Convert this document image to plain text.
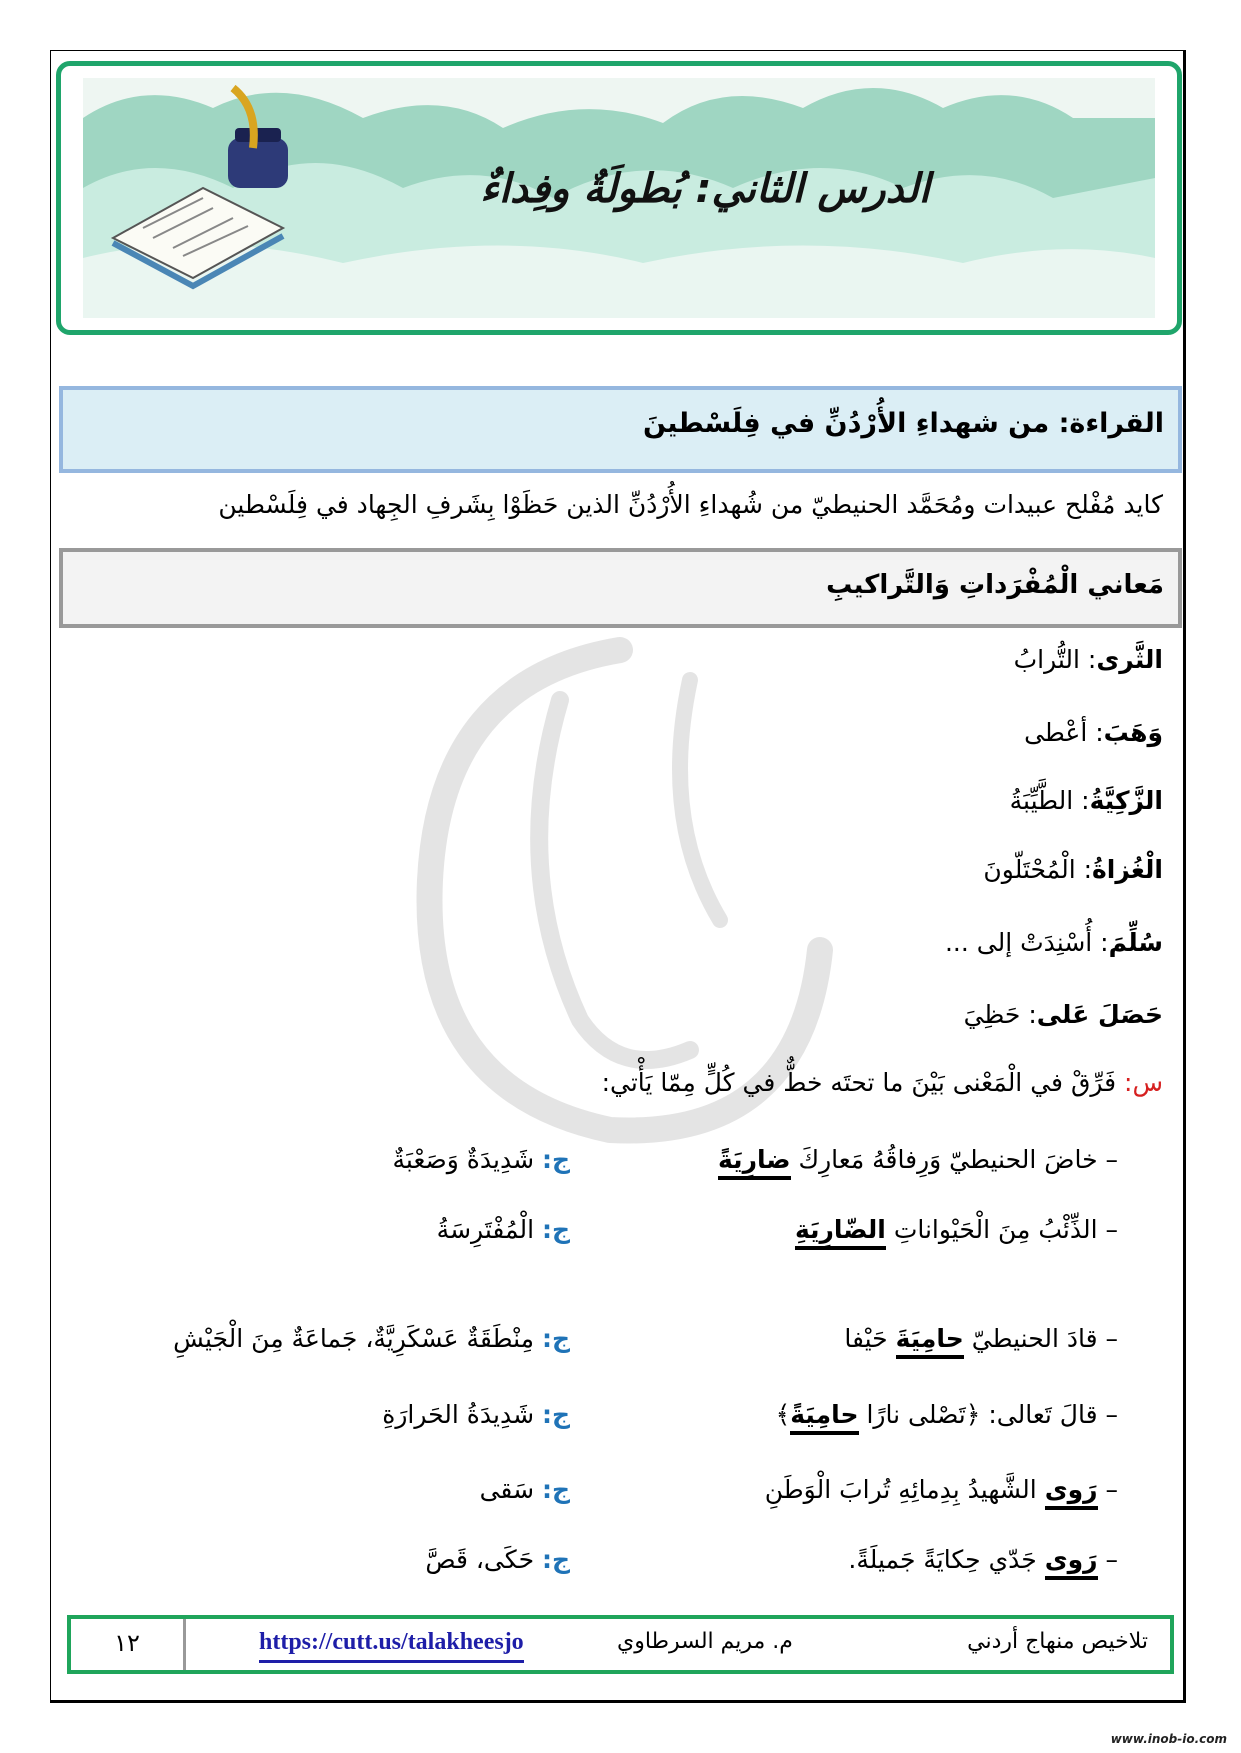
الدرس الثاني: بُطولَةٌ وفِداءٌ
القراءة: من شهداءِ الأُرْدُنِّ في فِلَسْطينَ
كايد مُفْلح عبيدات ومُحَمَّد الحنيطيّ من شُهداءِ الأُرْدُنِّ الذين حَظَوْا بِشَرفِ الجِهاد في فِلَسْطين
مَعاني الْمُفْرَداتِ وَالتَّراكيبِ
الثَّرى: التُّرابُ
وَهَبَ: أعْطى
الزَّكِيَّةُ: الطَّيِّبَةُ
الْغُزاةُ: الْمُحْتَلّونَ
سُلِّمَ: أُسْنِدَتْ إلى ...
حَصَلَ عَلى: حَظِيَ
س: فَرِّقْ في الْمَعْنى بَيْنَ ما تحتَه خطٌّ في كُلٍّ مِمّا يَأْتي:
– خاضَ الحنيطيّ وَرِفاقُهُ مَعارِكَ ضارِيَةً
ج: شَدِيدَةٌ وَصَعْبَةٌ
– الذِّئْبُ مِنَ الْحَيْواناتِ الضّارِيَةِ
ج: الْمُفْتَرِسَةُ
– قادَ الحنيطيّ حامِيَةَ حَيْفا
ج: مِنْطَقَةٌ عَسْكَرِيَّةٌ، جَماعَةٌ مِنَ الْجَيْشِ
– قالَ تَعالى: ﴿تَصْلى نارًا حامِيَةً﴾
ج: شَدِيدَةُ الحَرارَةِ
– رَوى الشَّهيدُ بِدِمائِهِ تُرابَ الْوَطَنِ
ج: سَقى
– رَوى جَدّي حِكايَةً جَميلَةً.
ج: حَكَى، قَصَّ
١٢	https://cutt.us/talakheesjo	م. مريم السرطاوي	تلاخيص منهاج أردني
www.inob-io.com
